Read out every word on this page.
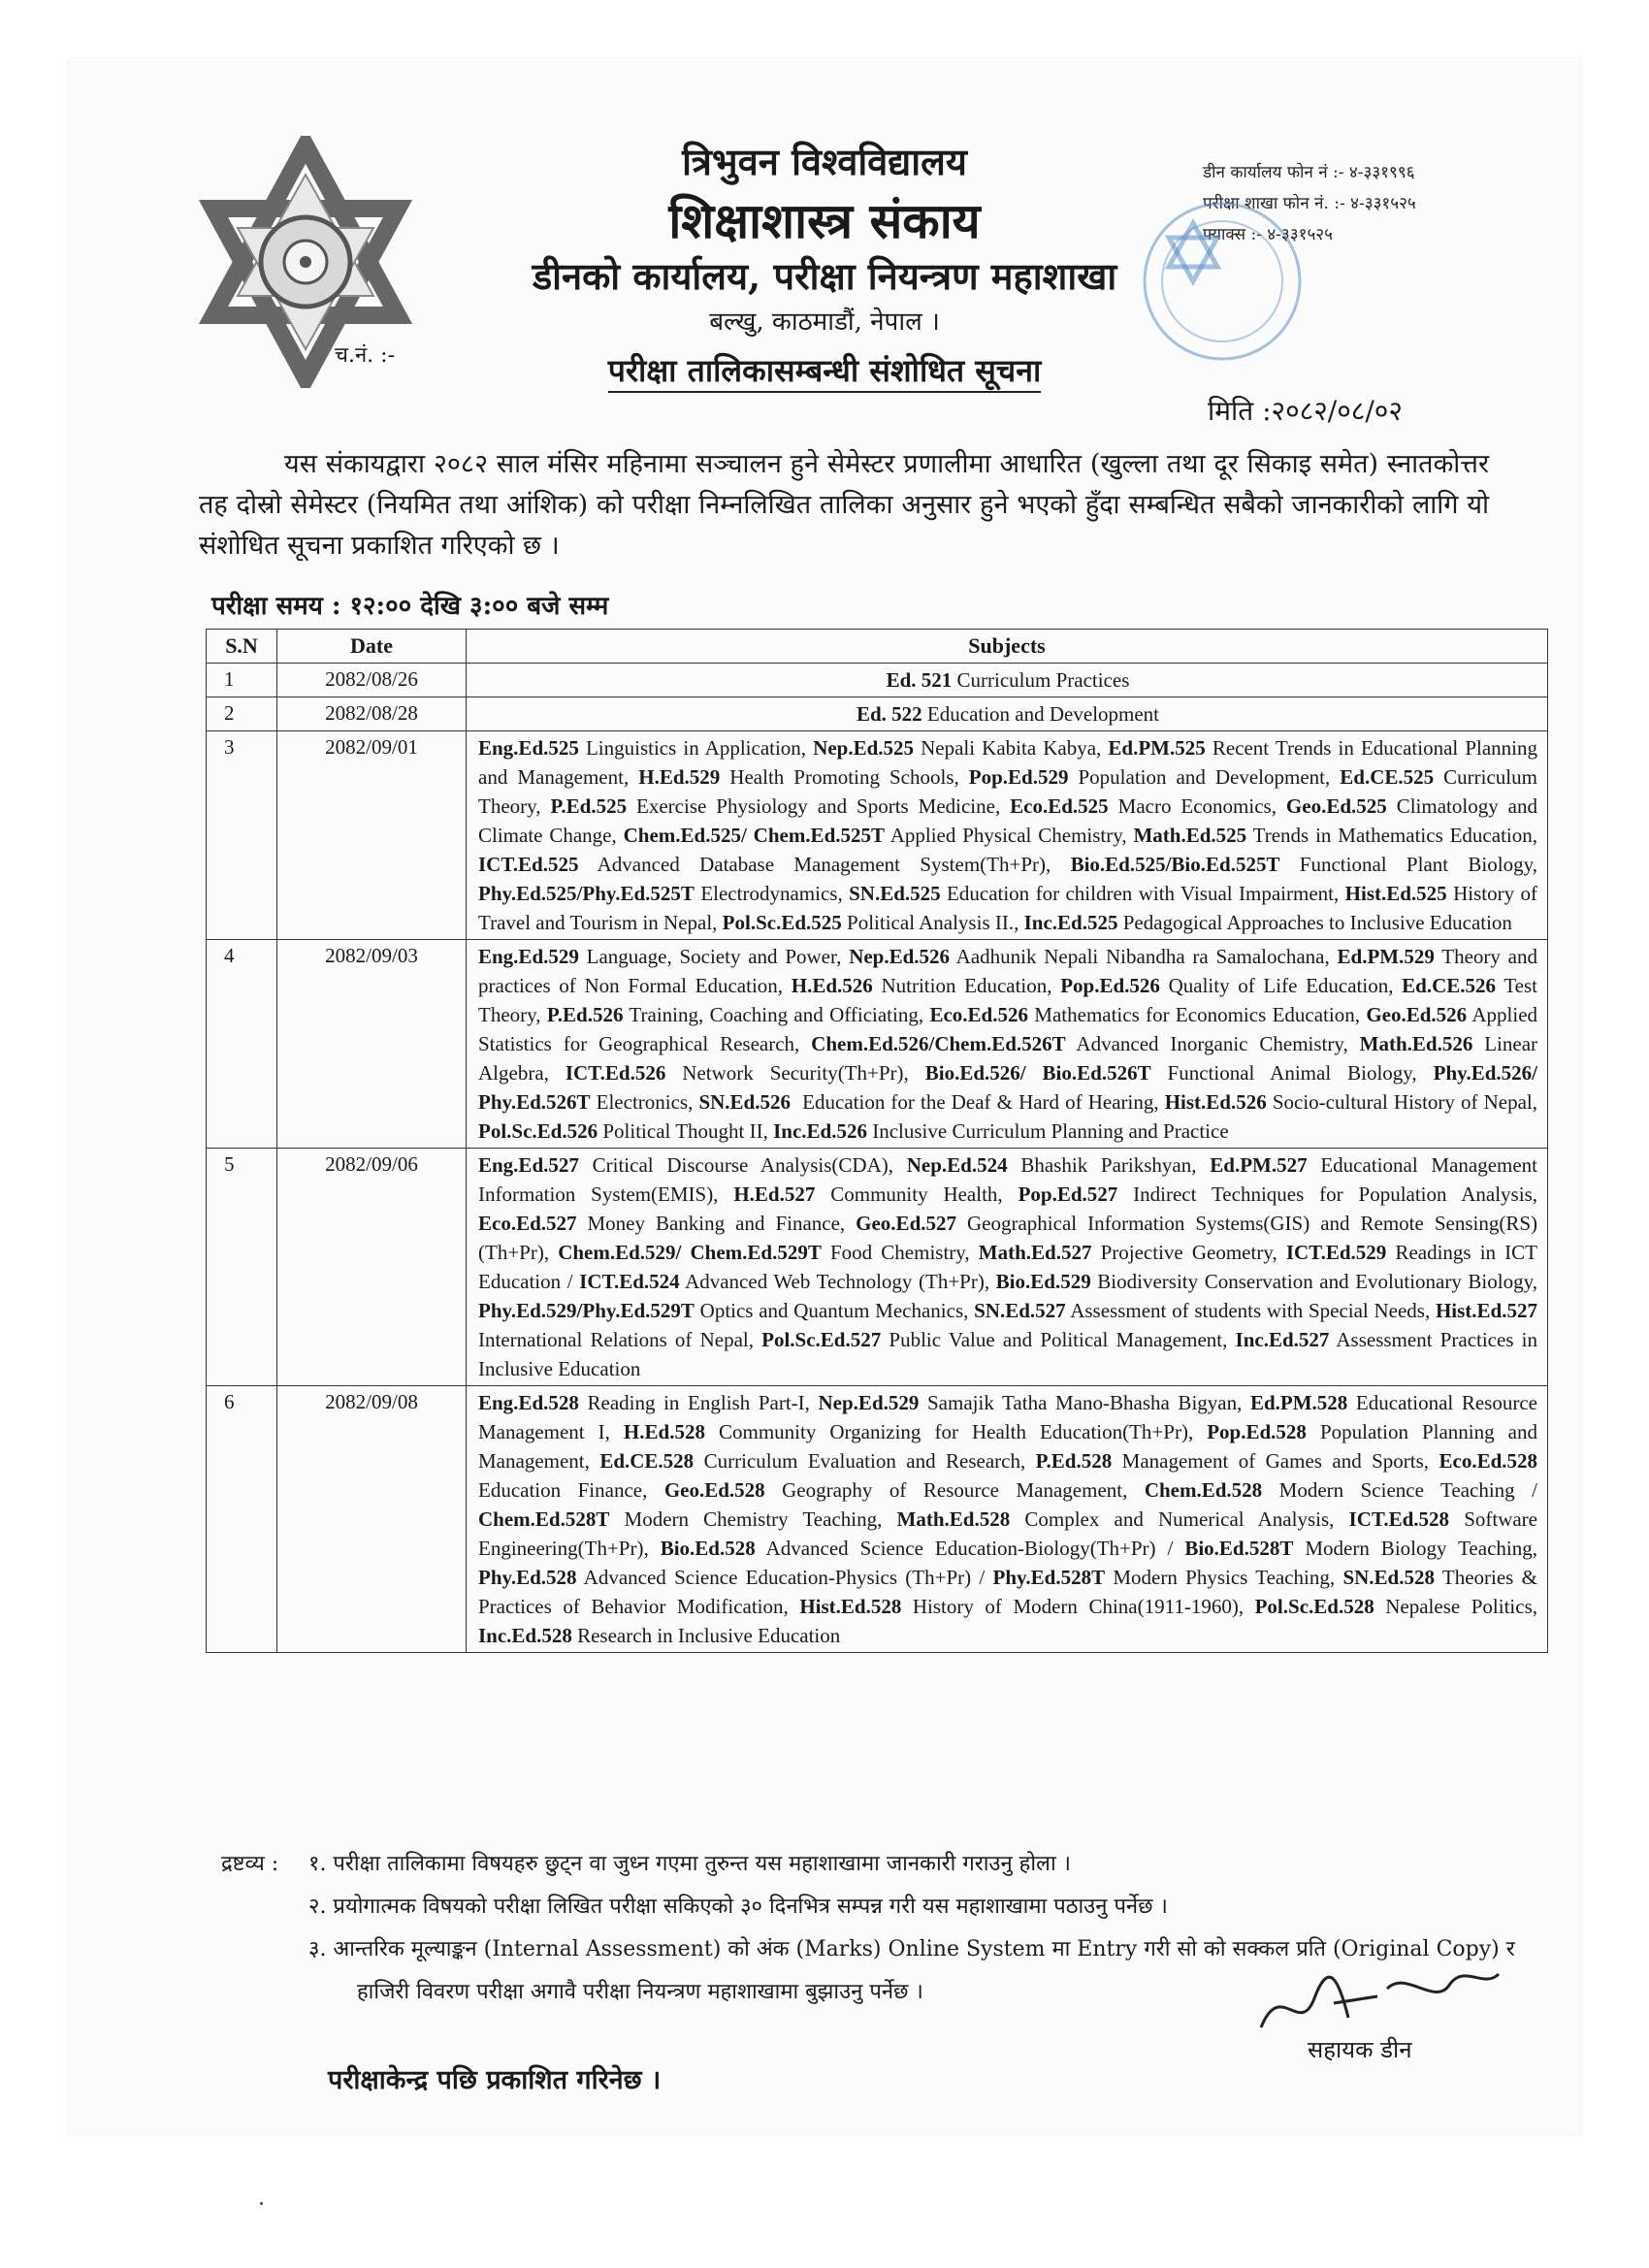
च.नं. :-
त्रिभुवन विश्वविद्यालय
शिक्षाशास्त्र संकाय
डीनको कार्यालय, परीक्षा नियन्त्रण महाशाखा
बल्खु, काठमाडौं, नेपाल ।
परीक्षा तालिकासम्बन्धी संशोधित सूचना
डीन कार्यालय फोन नं :- ४-३३१९९६
परीक्षा शाखा फोन नं. :- ४-३३१५२५
फ्याक्स :- ४-३३१५२५
मिति :२०८२/०८/०२
यस संकायद्वारा २०८२ साल मंसिर महिनामा सञ्चालन हुने सेमेस्टर प्रणालीमा आधारित (खुल्ला तथा दूर सिकाइ समेत) स्नातकोत्तर तह दोस्रो सेमेस्टर (नियमित तथा आंशिक) को परीक्षा निम्नलिखित तालिका अनुसार हुने भएको हुँदा सम्बन्धित सबैको जानकारीको लागि यो संशोधित सूचना प्रकाशित गरिएको छ ।
परीक्षा समय : १२:०० देखि ३:०० बजे सम्म
S.N	Date	Subjects
1	2082/08/26	Ed. 521 Curriculum Practices
2	2082/08/28	Ed. 522 Education and Development
3	2082/09/01	Eng.Ed.525 Linguistics in Application, Nep.Ed.525 Nepali Kabita Kabya, Ed.PM.525 Recent Trends in Educational Planning and Management, H.Ed.529 Health Promoting Schools, Pop.Ed.529 Population and Development, Ed.CE.525 Curriculum Theory, P.Ed.525 Exercise Physiology and Sports Medicine, Eco.Ed.525 Macro Economics, Geo.Ed.525 Climatology and Climate Change, Chem.Ed.525/ Chem.Ed.525T Applied Physical Chemistry, Math.Ed.525 Trends in Mathematics Education, ICT.Ed.525 Advanced Database Management System(Th+Pr), Bio.Ed.525/Bio.Ed.525T Functional Plant Biology, Phy.Ed.525/Phy.Ed.525T Electrodynamics, SN.Ed.525 Education for children with Visual Impairment, Hist.Ed.525 History of Travel and Tourism in Nepal, Pol.Sc.Ed.525 Political Analysis II., Inc.Ed.525 Pedagogical Approaches to Inclusive Education
4	2082/09/03	Eng.Ed.529 Language, Society and Power, Nep.Ed.526 Aadhunik Nepali Nibandha ra Samalochana, Ed.PM.529 Theory and practices of Non Formal Education, H.Ed.526 Nutrition Education, Pop.Ed.526 Quality of Life Education, Ed.CE.526 Test Theory, P.Ed.526 Training, Coaching and Officiating, Eco.Ed.526 Mathematics for Economics Education, Geo.Ed.526 Applied Statistics for Geographical Research, Chem.Ed.526/Chem.Ed.526T Advanced Inorganic Chemistry, Math.Ed.526 Linear Algebra, ICT.Ed.526 Network Security(Th+Pr), Bio.Ed.526/ Bio.Ed.526T Functional Animal Biology, Phy.Ed.526/ Phy.Ed.526T Electronics, SN.Ed.526  Education for the Deaf & Hard of Hearing, Hist.Ed.526 Socio-cultural History of Nepal, Pol.Sc.Ed.526 Political Thought II, Inc.Ed.526 Inclusive Curriculum Planning and Practice
5	2082/09/06	Eng.Ed.527 Critical Discourse Analysis(CDA), Nep.Ed.524 Bhashik Parikshyan, Ed.PM.527 Educational Management Information System(EMIS), H.Ed.527 Community Health, Pop.Ed.527 Indirect Techniques for Population Analysis, Eco.Ed.527 Money Banking and Finance, Geo.Ed.527 Geographical Information Systems(GIS) and Remote Sensing(RS) (Th+Pr), Chem.Ed.529/ Chem.Ed.529T Food Chemistry, Math.Ed.527 Projective Geometry, ICT.Ed.529 Readings in ICT Education / ICT.Ed.524 Advanced Web Technology (Th+Pr), Bio.Ed.529 Biodiversity Conservation and Evolutionary Biology, Phy.Ed.529/Phy.Ed.529T Optics and Quantum Mechanics, SN.Ed.527 Assessment of students with Special Needs, Hist.Ed.527 International Relations of Nepal, Pol.Sc.Ed.527 Public Value and Political Management, Inc.Ed.527 Assessment Practices in Inclusive Education
6	2082/09/08	Eng.Ed.528 Reading in English Part-I, Nep.Ed.529 Samajik Tatha Mano-Bhasha Bigyan, Ed.PM.528 Educational Resource Management I, H.Ed.528 Community Organizing for Health Education(Th+Pr), Pop.Ed.528 Population Planning and Management, Ed.CE.528 Curriculum Evaluation and Research, P.Ed.528 Management of Games and Sports, Eco.Ed.528 Education Finance, Geo.Ed.528 Geography of Resource Management, Chem.Ed.528 Modern Science Teaching / Chem.Ed.528T Modern Chemistry Teaching, Math.Ed.528 Complex and Numerical Analysis, ICT.Ed.528 Software Engineering(Th+Pr), Bio.Ed.528 Advanced Science Education-Biology(Th+Pr) / Bio.Ed.528T Modern Biology Teaching, Phy.Ed.528 Advanced Science Education-Physics (Th+Pr) / Phy.Ed.528T Modern Physics Teaching, SN.Ed.528 Theories & Practices of Behavior Modification, Hist.Ed.528 History of Modern China(1911-1960), Pol.Sc.Ed.528 Nepalese Politics, Inc.Ed.528 Research in Inclusive Education
द्रष्टव्य : १. परीक्षा तालिकामा विषयहरु छुट्न वा जुध्न गएमा तुरुन्त यस महाशाखामा जानकारी गराउनु होला ।
२. प्रयोगात्मक विषयको परीक्षा लिखित परीक्षा सकिएको ३० दिनभित्र सम्पन्न गरी यस महाशाखामा पठाउनु पर्नेछ ।
३. आन्तरिक मूल्याङ्कन (Internal Assessment) को अंक (Marks) Online System मा Entry गरी सो को सक्कल प्रति (Original Copy) र हाजिरी विवरण परीक्षा अगावै परीक्षा नियन्त्रण महाशाखामा बुझाउनु पर्नेछ ।
परीक्षाकेन्द्र पछि प्रकाशित गरिनेछ ।
सहायक डीन
